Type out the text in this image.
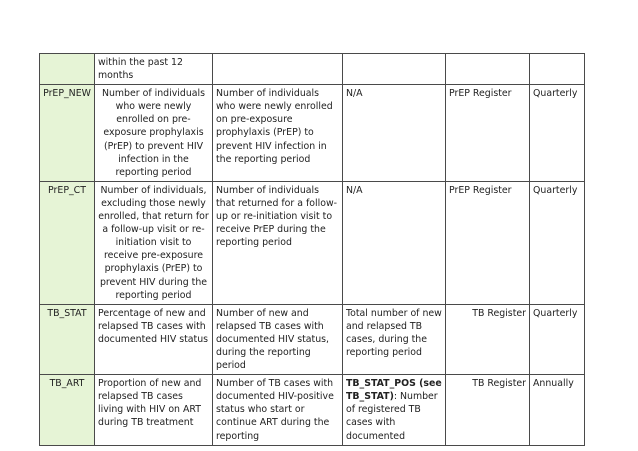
	within the past 12 months				
PrEP_NEW	Number of individuals who were newly enrolled on pre-exposure prophylaxis (PrEP) to prevent HIV infection in the reporting period	Number of individuals who were newly enrolled on pre-exposure prophylaxis (PrEP) to prevent HIV infection in the reporting period	N/A	PrEP Register	Quarterly
PrEP_CT	Number of individuals, excluding those newly enrolled, that return for a follow-up visit or re-initiation visit to receive pre-exposure prophylaxis (PrEP) to prevent HIV during the reporting period	Number of individuals that returned for a follow-up or re-initiation visit to receive PrEP during the reporting period	N/A	PrEP Register	Quarterly
TB_STAT	Percentage of new and relapsed TB cases with documented HIV status	Number of new and relapsed TB cases with documented HIV status, during the reporting period	Total number of new and relapsed TB cases, during the reporting period	TB Register	Quarterly
TB_ART	Proportion of new and relapsed TB cases living with HIV on ART during TB treatment	Number of TB cases with documented HIV-positive status who start or continue ART during the reporting	TB_STAT_POS (see TB_STAT): Number of registered TB cases with documented	TB Register	Annually
